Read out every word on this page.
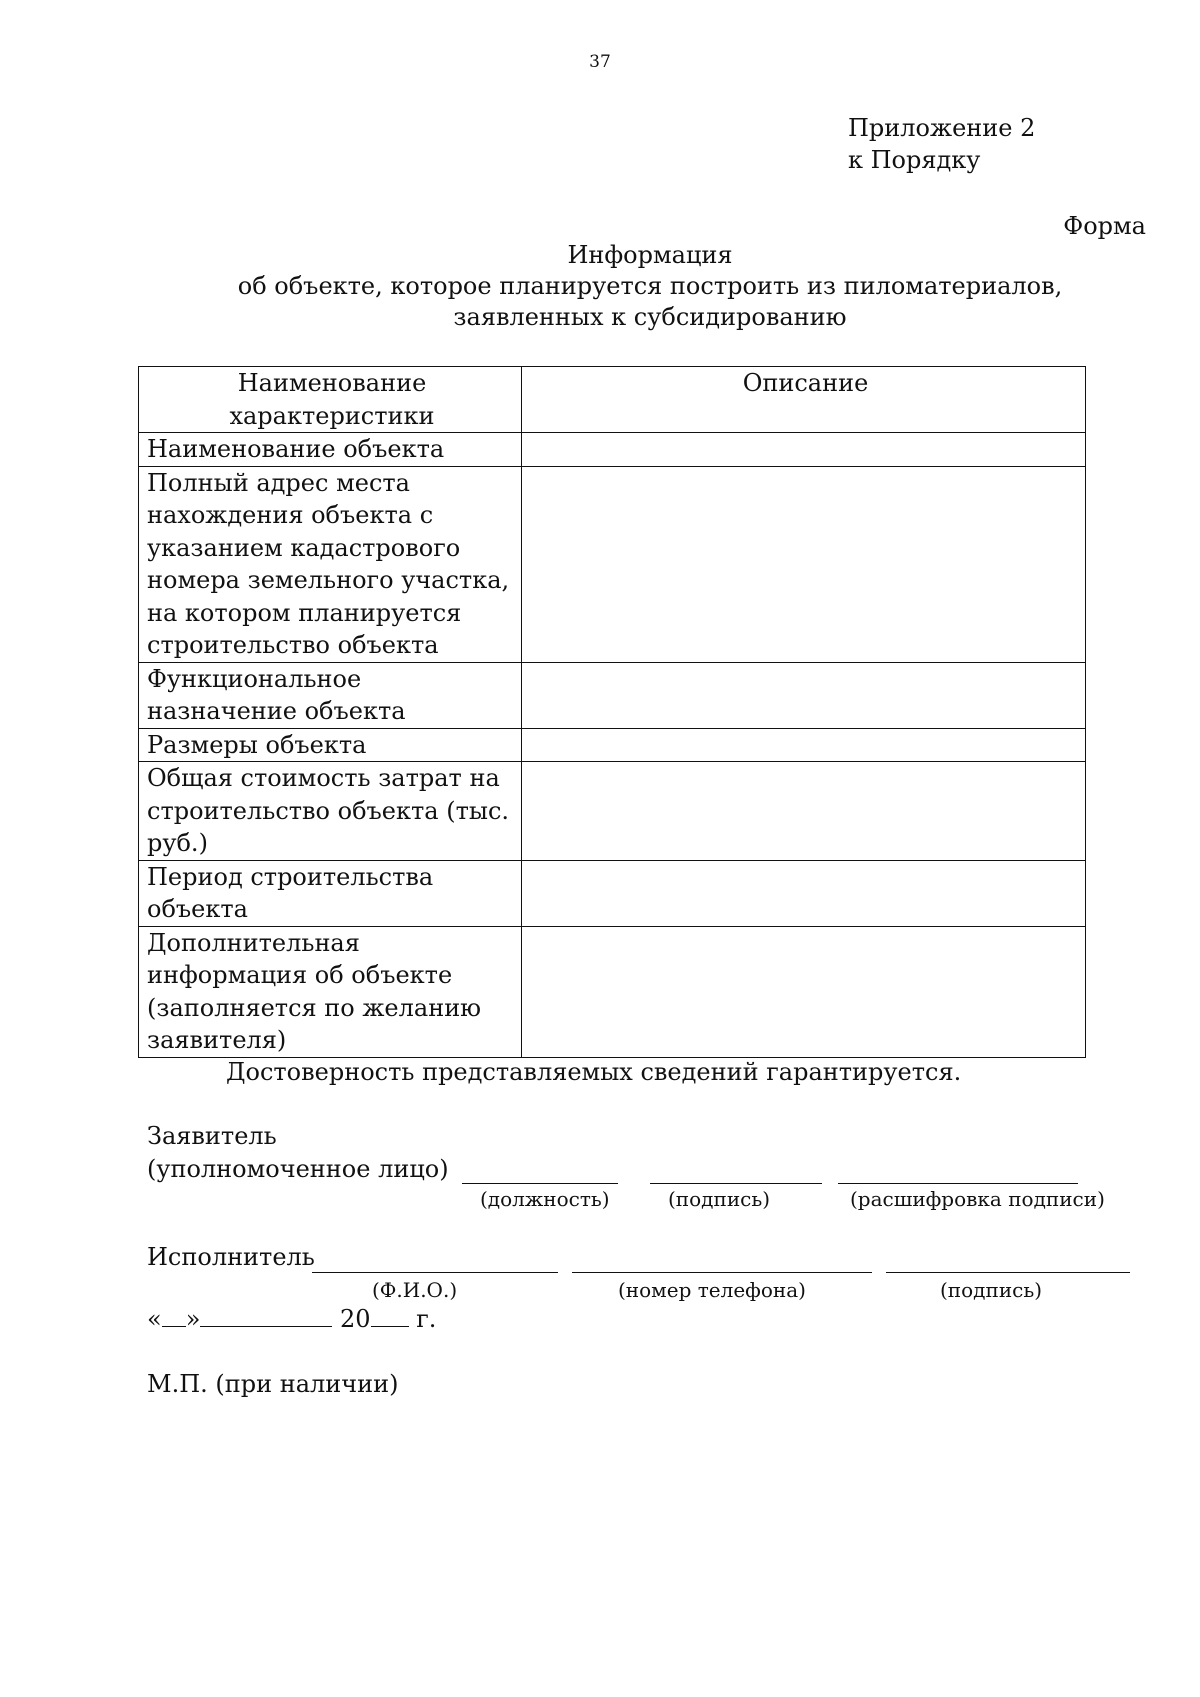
37
Приложение 2
к Порядку
Форма
Информация
об объекте, которое планируется построить из пиломатериалов,
заявленных к субсидированию
Наименование характеристики	Описание
Наименование объекта	
Полный адрес места нахождения объекта с указанием кадастрового номера земельного участка, на котором планируется строительство объекта	
Функциональное назначение объекта	
Размеры объекта	
Общая стоимость затрат на строительство объекта (тыс. руб.)	
Период строительства объекта	
Дополнительная информация об объекте (заполняется по желанию заявителя)	
Достоверность представляемых сведений гарантируется.
Заявитель
(уполномоченное лицо)
(должность)	(подпись)	(расшифровка подписи)
Исполнитель
(Ф.И.О.)	(номер телефона)	(подпись)
« »	20 г.
М.П. (при наличии)
